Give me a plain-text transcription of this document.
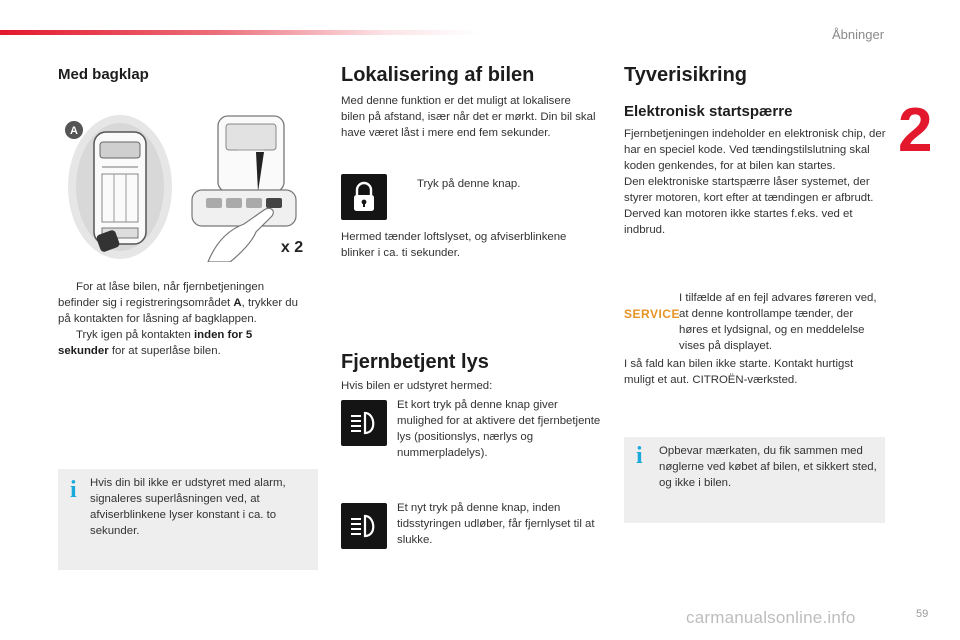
Åbninger
2
Med bagklap
A
x 2
For at låse bilen, når fjernbetjeningen befinder sig i registreringsområdet A, trykker du på kontakten for låsning af bagklappen.
Tryk igen på kontakten inden for 5 sekunder for at superlåse bilen.
i Hvis din bil ikke er udstyret med alarm, signaleres superlåsningen ved, at afviserblinkene lyser konstant i ca. to sekunder.
Lokalisering af bilen
Med denne funktion er det muligt at lokalisere bilen på afstand, især når det er mørkt. Din bil skal have været låst i mere end fem sekunder.
Tryk på denne knap.
Hermed tænder loftslyset, og afviserblinkene blinker i ca. ti sekunder.
Fjernbetjent lys
Hvis bilen er udstyret hermed:
Et kort tryk på denne knap giver mulighed for at aktivere det fjernbetjente lys (positionslys, nærlys og nummerpladelys).
Et nyt tryk på denne knap, inden tidsstyringen udløber, får fjernlyset til at slukke.
Tyverisikring
Elektronisk startspærre
Fjernbetjeningen indeholder en elektronisk chip, der har en speciel kode. Ved tændingstilslutning skal koden genkendes, for at bilen kan startes.
Den elektroniske startspærre låser systemet, der styrer motoren, kort efter at tændingen er afbrudt. Derved kan motoren ikke startes f.eks. ved et indbrud.
SERVICE
I tilfælde af en fejl advares føreren ved, at denne kontrollampe tænder, der høres et lydsignal, og en meddelelse vises på displayet.
I så fald kan bilen ikke starte. Kontakt hurtigst muligt et aut. CITROËN-værksted.
i Opbevar mærkaten, du fik sammen med nøglerne ved købet af bilen, et sikkert sted, og ikke i bilen.
carmanualsonline.info	59
